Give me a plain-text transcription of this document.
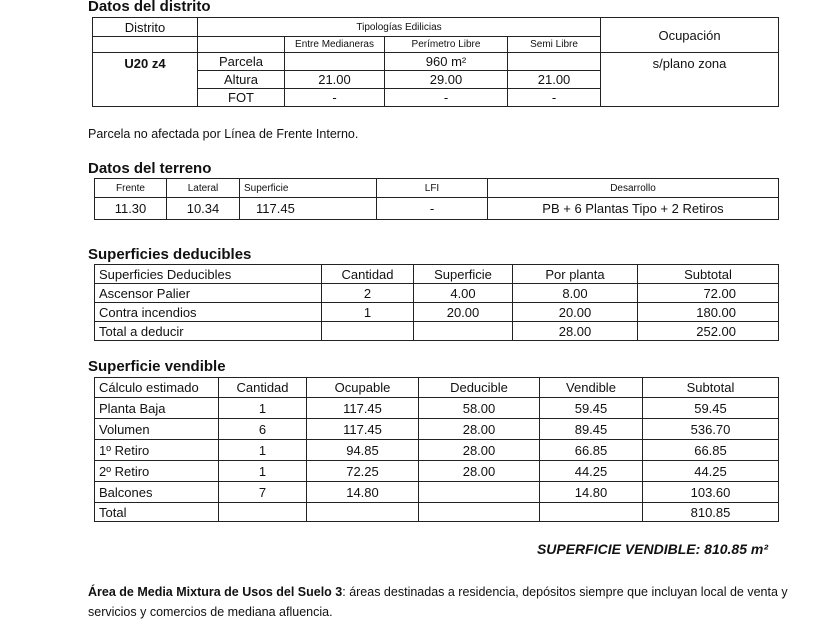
Datos del distrito
Distrito	Tipologías Edilicias				Ocupación
		Entre Medianeras	Perímetro Libre	Semi Libre	
U20 z4	Parcela		960 m²		s/plano zona
	Altura	21.00	29.00	21.00	
	FOT	-	-	-	
Parcela no afectada por Línea de Frente Interno.
Datos del terreno
Frente	Lateral	Superficie	LFI	Desarrollo
11.30	10.34	117.45	-	PB + 6 Plantas Tipo + 2 Retiros
Superficies deducibles
Superficies Deducibles	Cantidad	Superficie	Por planta	Subtotal
Ascensor Palier	2	4.00	8.00	72.00
Contra incendios	1	20.00	20.00	180.00
Total a deducir			28.00	252.00
Superficie vendible
Cálculo estimado	Cantidad	Ocupable	Deducible	Vendible	Subtotal
Planta Baja	1	117.45	58.00	59.45	59.45
Volumen	6	117.45	28.00	89.45	536.70
1º Retiro	1	94.85	28.00	66.85	66.85
2º Retiro	1	72.25	28.00	44.25	44.25
Balcones	7	14.80		14.80	103.60
Total					810.85
SUPERFICIE VENDIBLE: 810.85 m²
Área de Media Mixtura de Usos del Suelo 3: áreas destinadas a residencia, depósitos siempre que incluyan local de venta y servicios y comercios de mediana afluencia.
